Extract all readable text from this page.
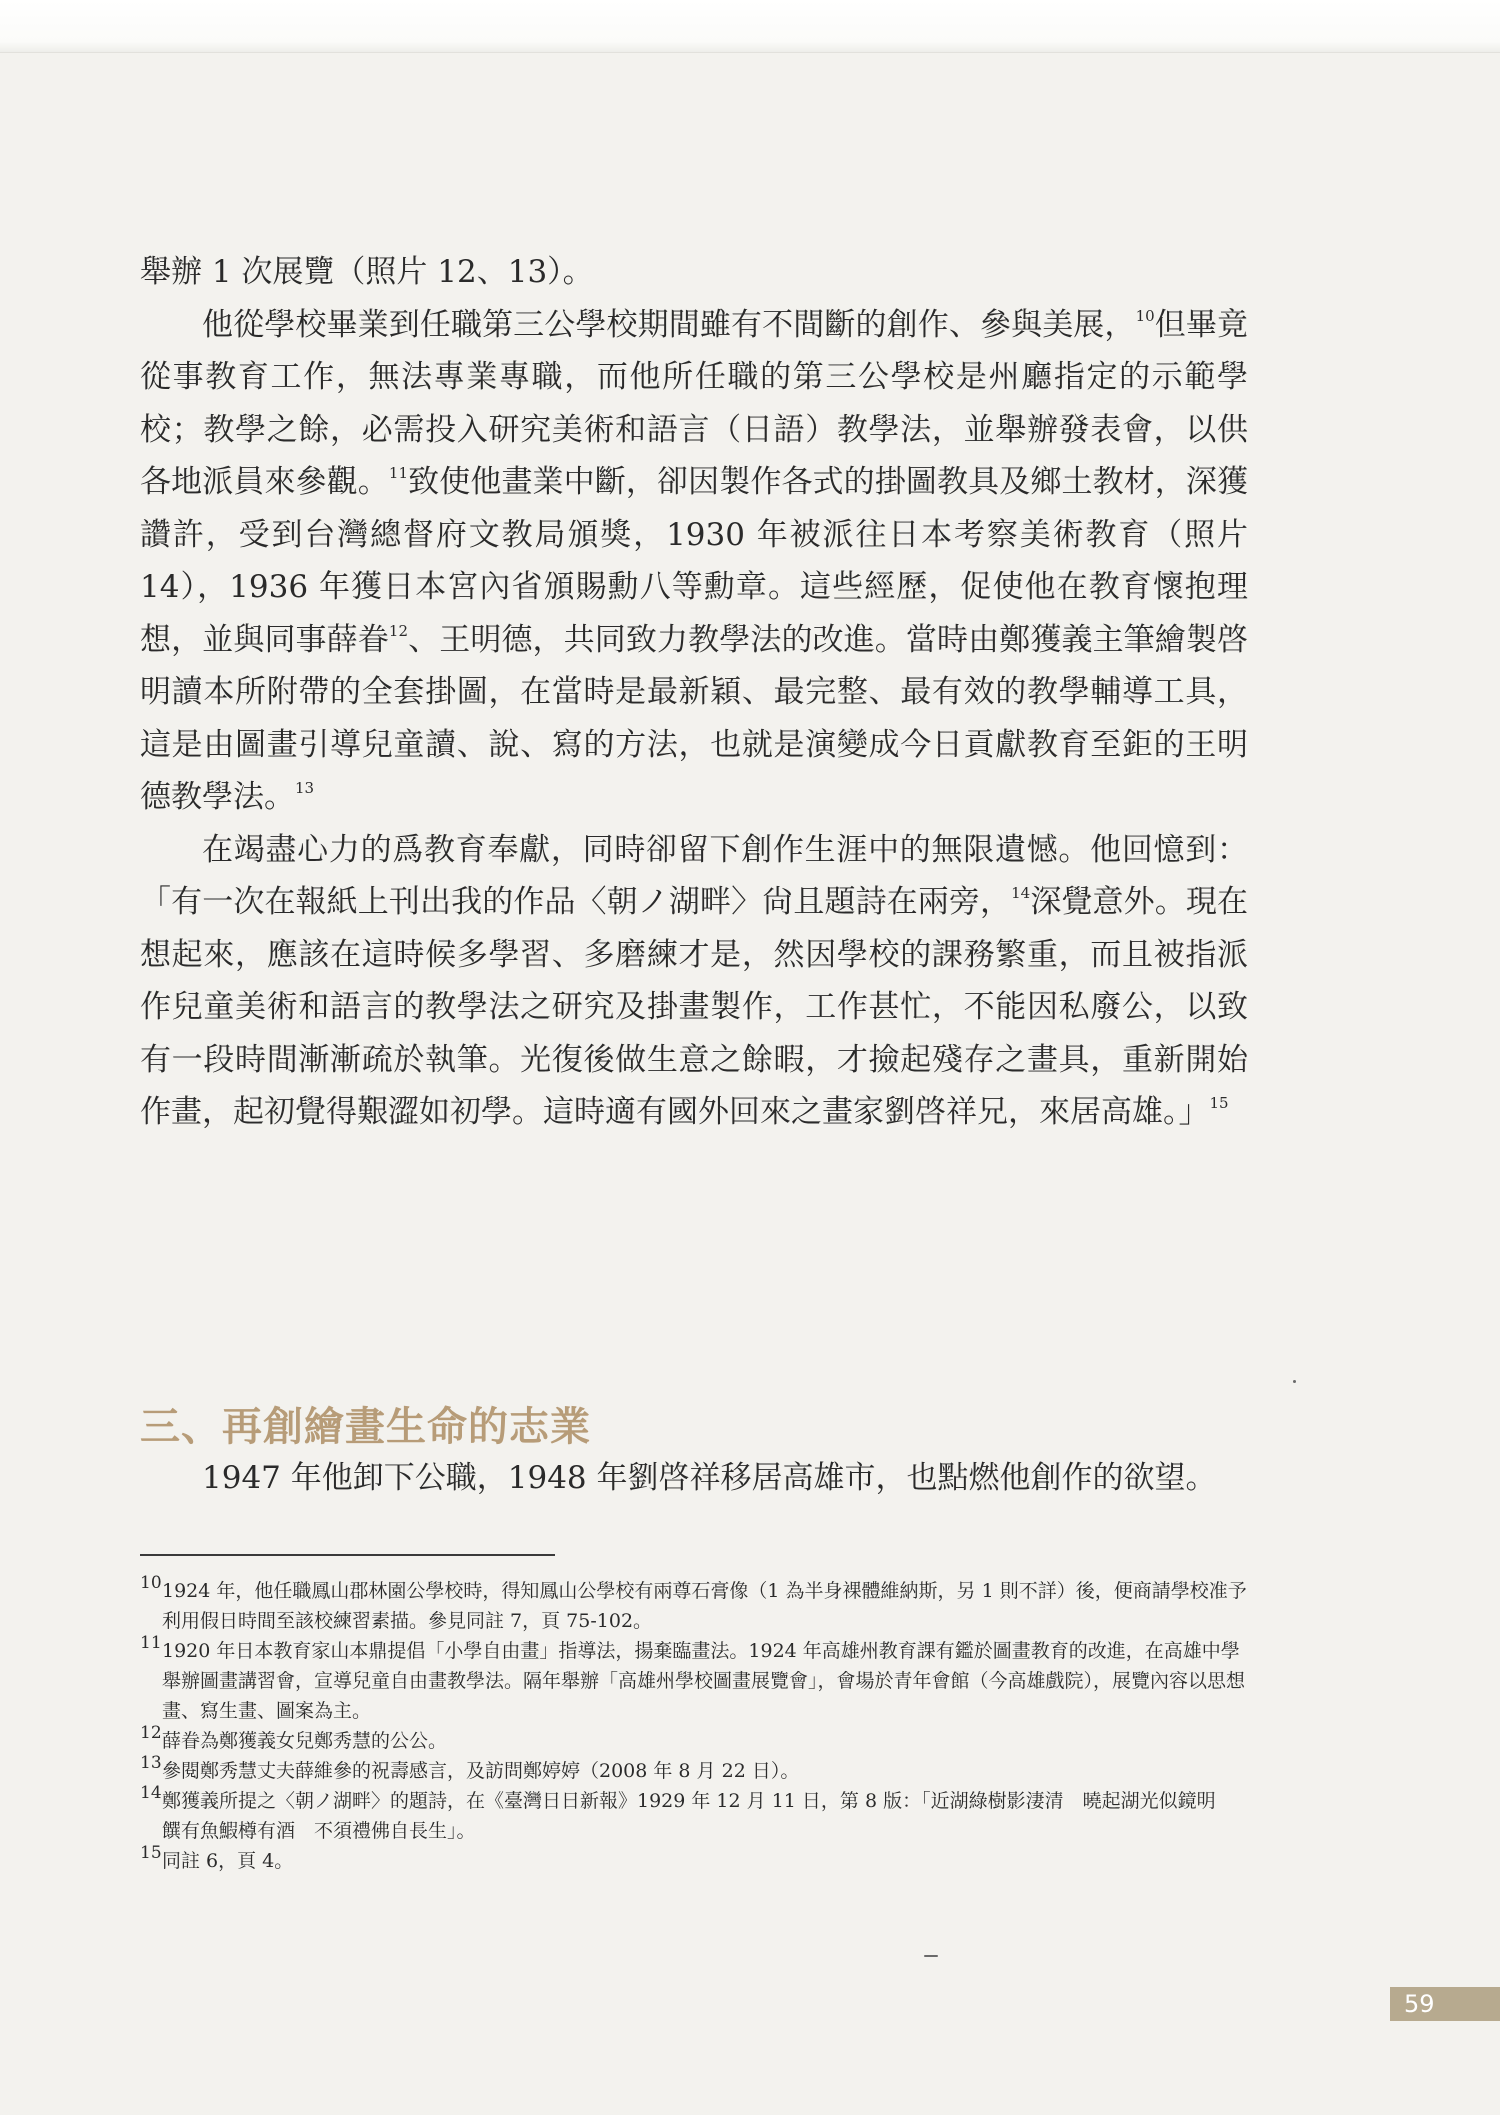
舉辦 1 次展覽（照片 12、13）。

他從學校畢業到任職第三公學校期間雖有不間斷的創作、參與美展，$^{10}$但畢竟從事教育工作，無法專業專職，而他所任職的第三公學校是州廳指定的示範學校；教學之餘，必需投入研究美術和語言（日語）教學法，並舉辦發表會，以供各地派員來參觀。$^{11}$致使他畫業中斷，卻因製作各式的掛圖教具及鄉土教材，深獲讚許，受到台灣總督府文教局頒獎，1930 年被派往日本考察美術教育（照片 14），1936 年獲日本宮內省頒賜勳八等勳章。這些經歷，促使他在教育懷抱理想，並與同事薛眷$^{12}$、王明德，共同致力教學法的改進。當時由鄭獲義主筆繪製啓明讀本所附帶的全套掛圖，在當時是最新穎、最完整、最有效的教學輔導工具，這是由圖畫引導兒童讀、說、寫的方法，也就是演變成今日貢獻教育至鉅的王明德教學法。$^{13}$

在竭盡心力的爲教育奉獻，同時卻留下創作生涯中的無限遺憾。他回憶到：「有一次在報紙上刊出我的作品〈朝ノ湖畔〉尙且題詩在兩旁，$^{14}$深覺意外。現在想起來，應該在這時候多學習、多磨練才是，然因學校的課務繁重，而且被指派作兒童美術和語言的教學法之研究及掛畫製作，工作甚忙，不能因私廢公，以致有一段時間漸漸疏於執筆。光復後做生意之餘暇，才撿起殘存之畫具，重新開始作畫，起初覺得艱澀如初學。這時適有國外回來之畫家劉啓祥兄，來居高雄。」$^{15}$

三、再創繪畫生命的志業

1947 年他卸下公職，1948 年劉啓祥移居高雄市，也點燃他創作的欲望。

10 1924 年，他任職鳳山郡林園公學校時，得知鳳山公學校有兩尊石膏像（1 為半身裸體維納斯，另 1 則不詳）後，便商請學校准予利用假日時間至該校練習素描。參見同註 7，頁 75-102。
11 1920 年日本教育家山本鼎提倡「小學自由畫」指導法，揚棄臨畫法。1924 年高雄州教育課有鑑於圖畫教育的改進，在高雄中學舉辦圖畫講習會，宣導兒童自由畫教學法。隔年舉辦「高雄州學校圖畫展覽會」，會場於青年會館（今高雄戲院），展覽內容以思想畫、寫生畫、圖案為主。
12 薛眷為鄭獲義女兒鄭秀慧的公公。
13 參閱鄭秀慧丈夫薛維參的祝壽感言，及訪問鄭婷婷（2008 年 8 月 22 日）。
14 鄭獲義所提之〈朝ノ湖畔〉的題詩，在《臺灣日日新報》1929 年 12 月 11 日，第 8 版：「近湖綠樹影淒清　曉起湖光似鏡明　饌有魚鰕樽有酒　不須禮佛自長生」。
15 同註 6，頁 4。
59
